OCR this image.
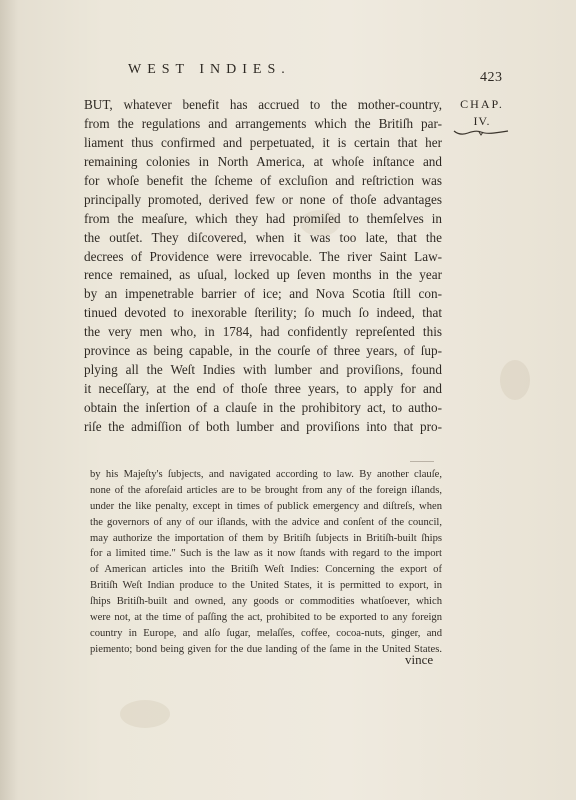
WEST INDIES.
423
CHAP.
IV.
BUT, whatever benefit has accrued to the mother-country,
from the regulations and arrangements which the Britiſh par-
liament thus confirmed and perpetuated, it is certain that her
remaining colonies in North America, at whoſe inſtance and
for whoſe benefit the ſcheme of excluſion and reſtriction was
principally promoted, derived few or none of thoſe advantages
from the meaſure, which they had promiſed to themſelves in
the outſet. They diſcovered, when it was too late, that the
decrees of Providence were irrevocable. The river Saint Law-
rence remained, as uſual, locked up ſeven months in the year
by an impenetrable barrier of ice; and Nova Scotia ſtill con-
tinued devoted to inexorable ſterility; ſo much ſo indeed, that
the very men who, in 1784, had confidently repreſented this
province as being capable, in the courſe of three years, of ſup-
plying all the Weſt Indies with lumber and proviſions, found
it neceſſary, at the end of thoſe three years, to apply for and
obtain the inſertion of a clauſe in the prohibitory act, to autho-
riſe the admiſſion of both lumber and proviſions into that pro-
by his Majeſty's ſubjects, and navigated according to law. By another clauſe,
none of the aforeſaid articles are to be brought from any of the foreign iſlands,
under the like penalty, except in times of publick emergency and diſtreſs, when
the governors of any of our iſlands, with the advice and conſent of the council,
may authorize the importation of them by Britiſh ſubjects in Britiſh-built ſhips
for a limited time." Such is the law as it now ſtands with regard to the import
of American articles into the Britiſh Weſt Indies: Concerning the export of
Britiſh Weſt Indian produce to the United States, it is permitted to export, in
ſhips Britiſh-built and owned, any goods or commodities whatſoever, which
were not, at the time of paſſing the act, prohibited to be exported to any foreign
country in Europe, and alſo ſugar, melaſſes, coffee, cocoa-nuts, ginger, and
piemento; bond being given for the due landing of the ſame in the United States.
vince
